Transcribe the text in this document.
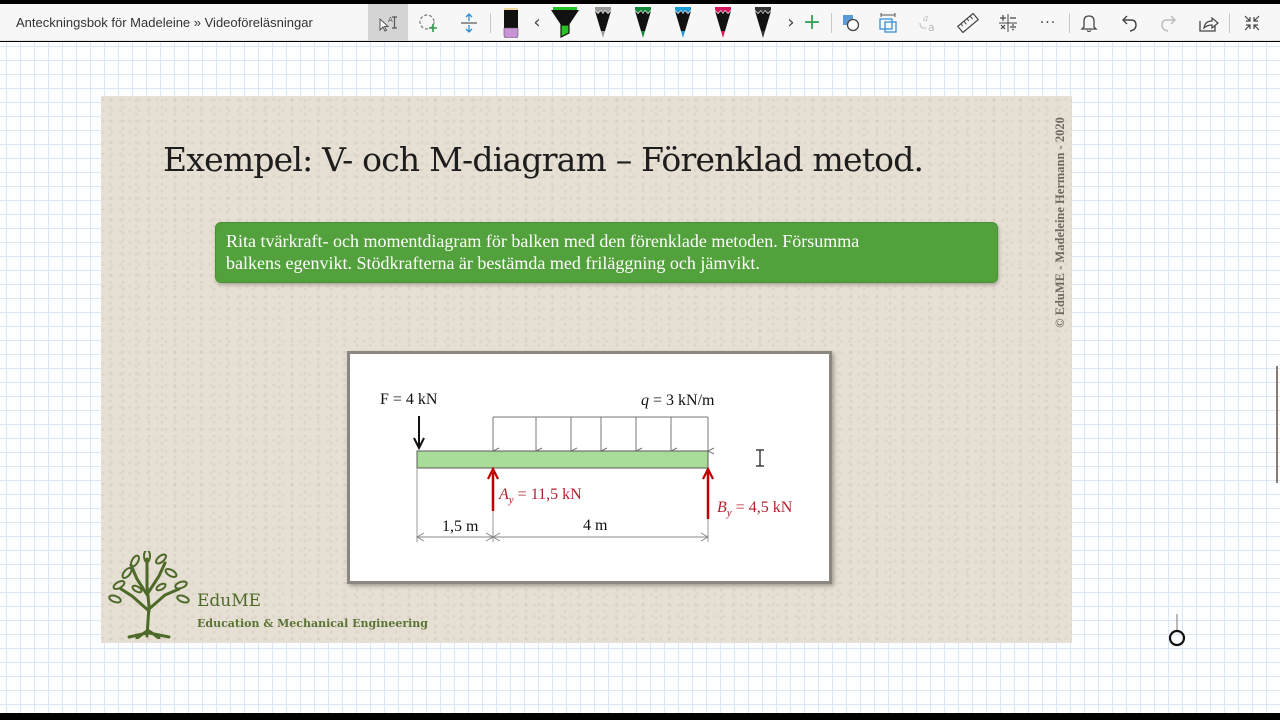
Anteckningsbok för Madeleine » Videoföreläsningar	A	‹	› +	a
a	···
Exempel: V- och M-diagram – Förenklad metod.
Rita tvärkraft- och momentdiagram för balken med den förenklade metoden. Försumma
balkens egenvikt. Stödkrafterna är bestämda med friläggning och jämvikt.	© EduME - Madeleine Hermann - 2020
F = 4 kN	q = 3 kN/m
$A_y = 11,5$ kN
$B_y = 4,5$ kN
1,5 m	4 m
EduME
Education & Mechanical Engineering
